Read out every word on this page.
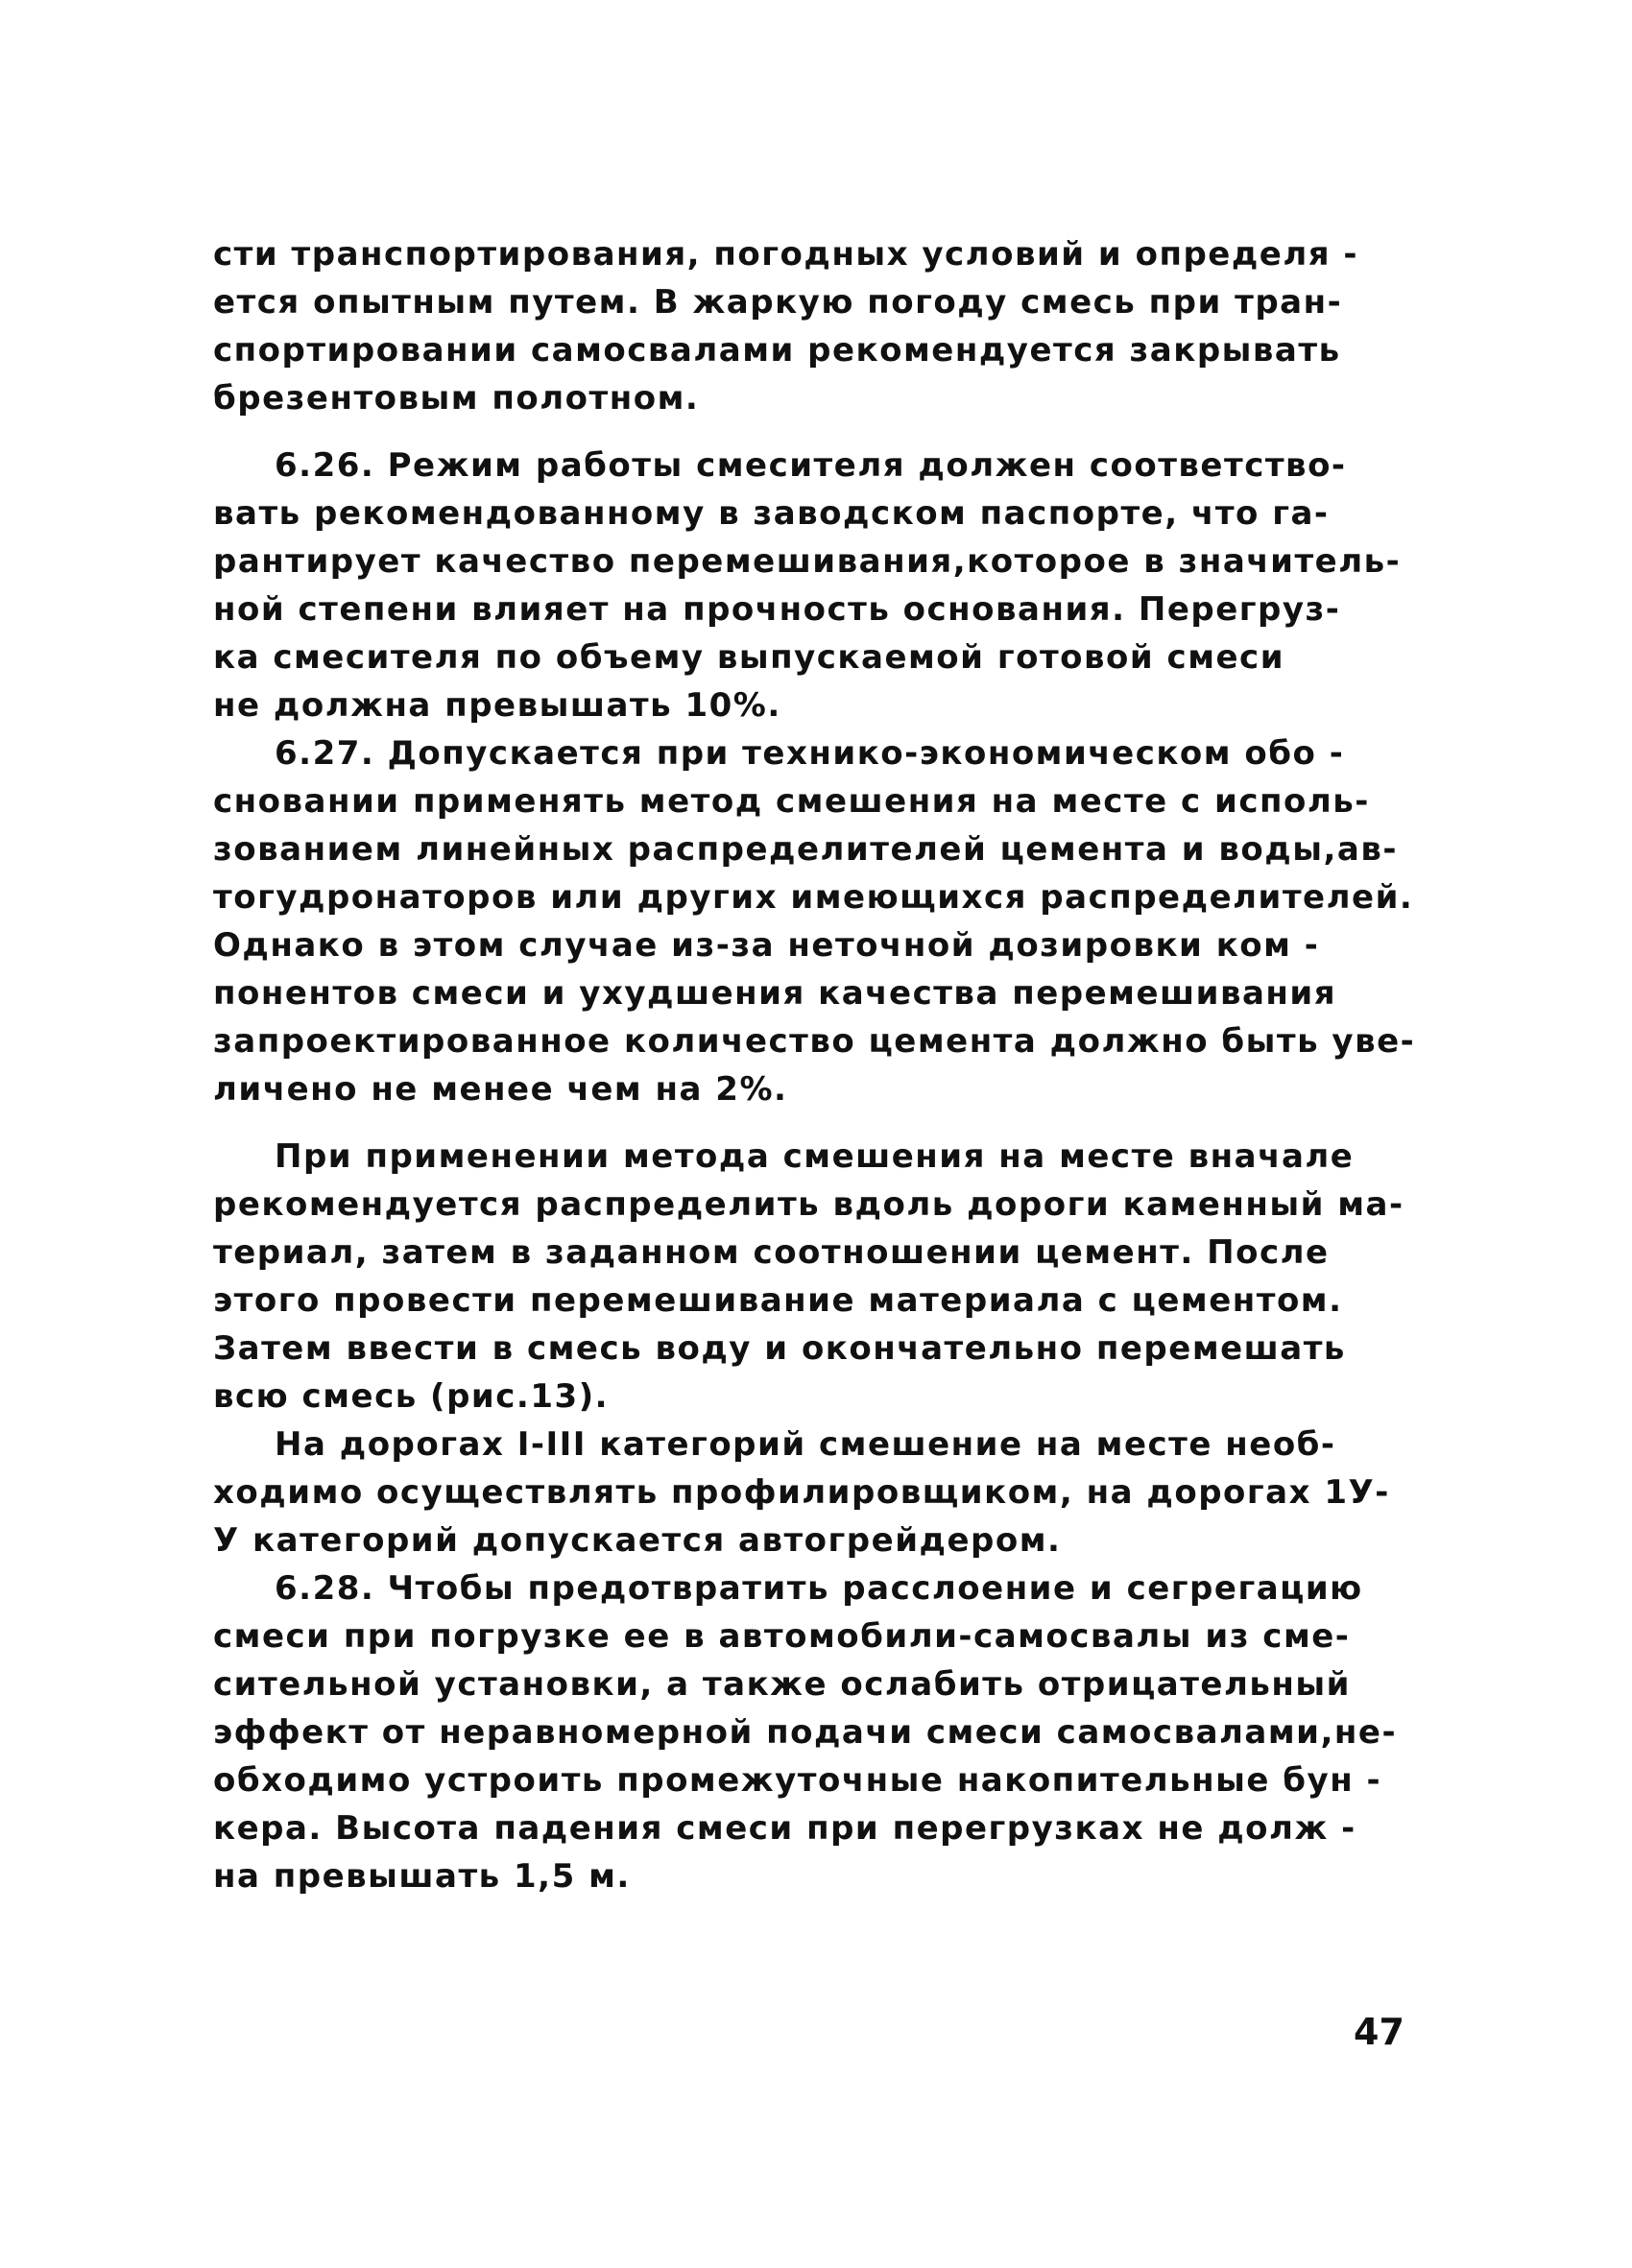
сти транспортирования, погодных условий и определя -
ется опытным путем. В жаркую погоду смесь при тран-
спортировании самосвалами рекомендуется закрывать
брезентовым полотном.
6.26. Режим работы смесителя должен соответство-
вать рекомендованному в заводском паспорте, что га-
рантирует качество перемешивания,которое в значитель-
ной степени влияет на прочность основания. Перегруз-
ка смесителя по объему выпускаемой готовой смеси
не должна превышать 10%.
6.27. Допускается при технико-экономическом обо -
сновании применять метод смешения на месте с исполь-
зованием линейных распределителей цемента и воды,ав-
тогудронаторов или других имеющихся распределителей.
Однако в этом случае из-за неточной дозировки ком -
понентов смеси и ухудшения качества перемешивания
запроектированное количество цемента должно быть уве-
личено не менее чем на 2%.
При применении метода смешения на месте вначале
рекомендуется распределить вдоль дороги каменный ма-
териал, затем в заданном соотношении цемент. После
этого провести перемешивание материала с цементом.
Затем ввести в смесь воду и окончательно перемешать
всю смесь (рис.13).
На дорогах I-III категорий смешение на месте необ-
ходимо осуществлять профилировщиком, на дорогах 1У-
У категорий допускается автогрейдером.
6.28. Чтобы предотвратить расслоение и сегрегацию
смеси при погрузке ее в автомобили-самосвалы из сме-
сительной установки, а также ослабить отрицательный
эффект от неравномерной подачи смеси самосвалами,не-
обходимо устроить промежуточные накопительные бун -
кера. Высота падения смеси при перегрузках не долж -
на превышать 1,5 м.
47
